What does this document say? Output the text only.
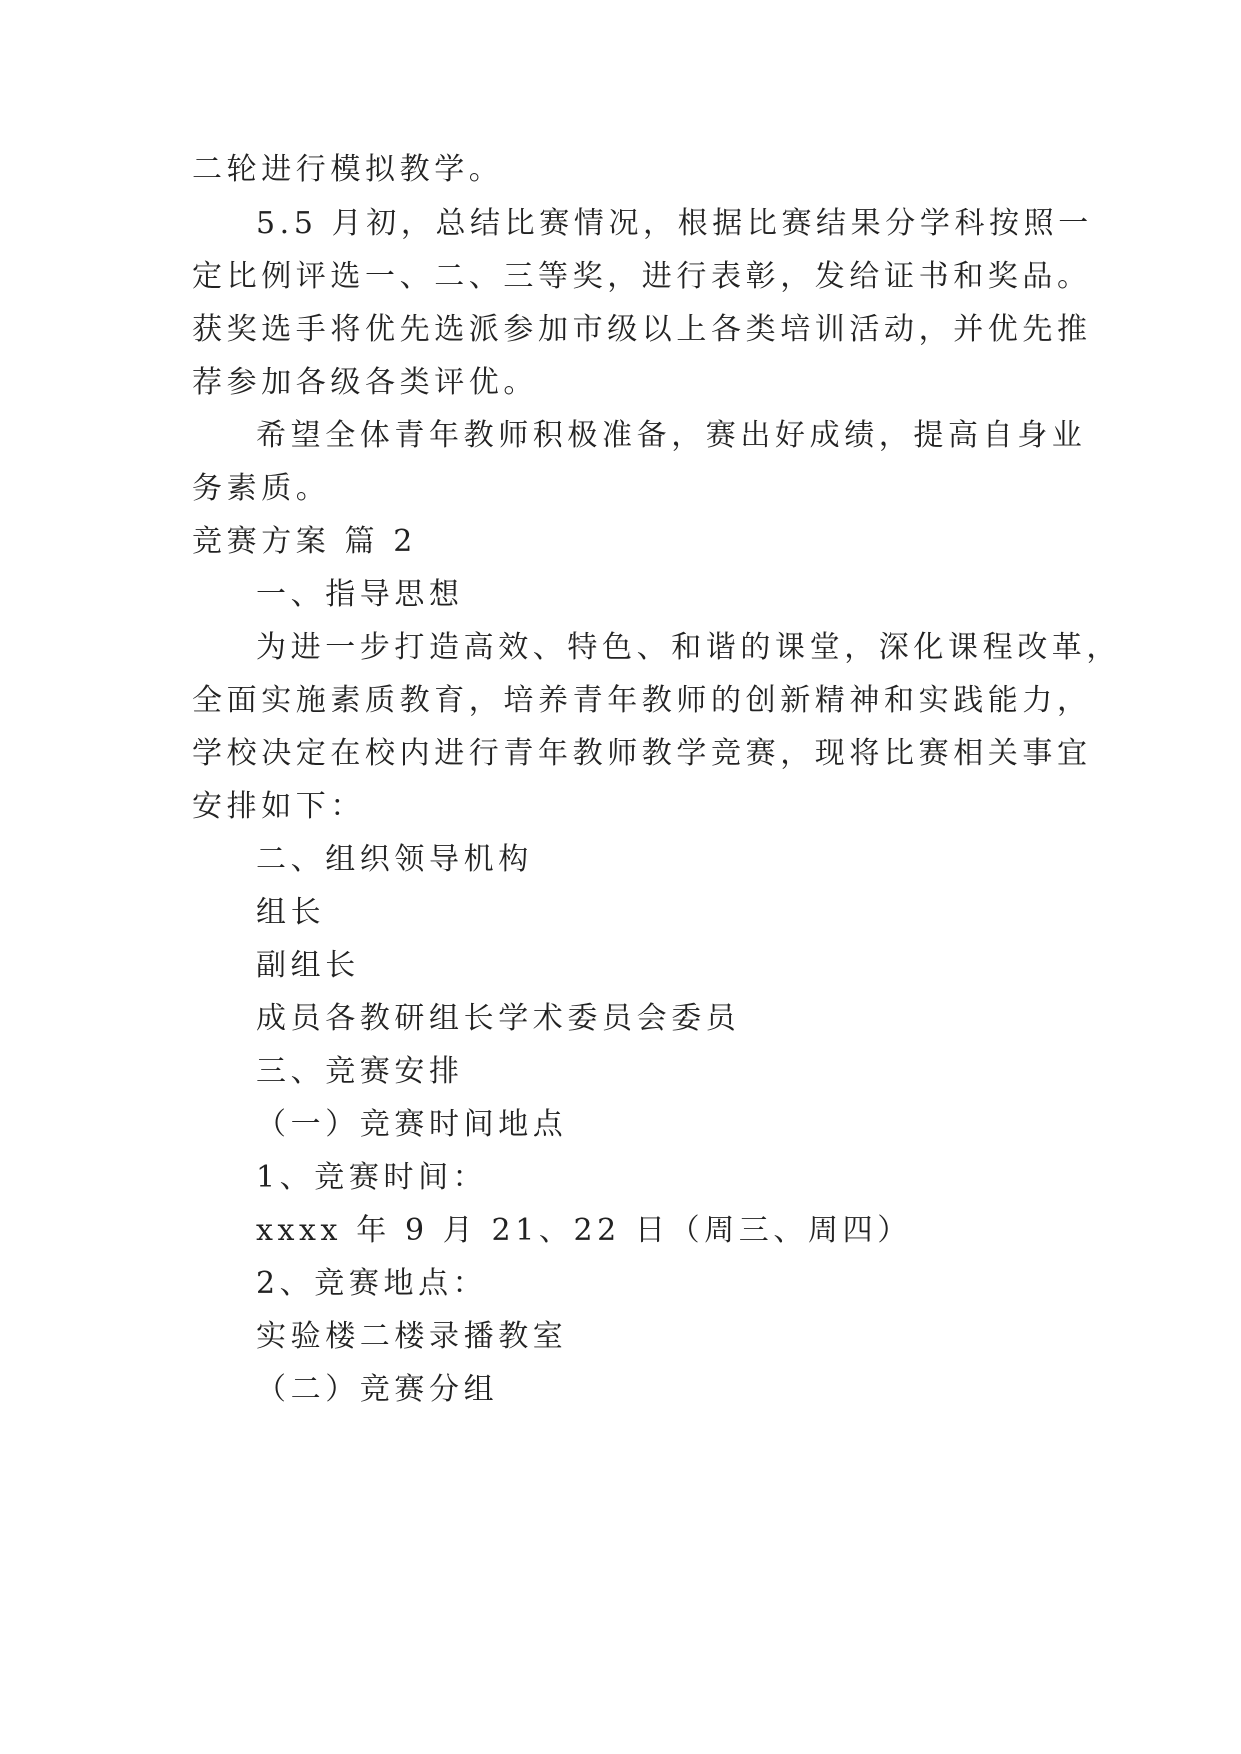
二轮进行模拟教学。
5.5 月初，总结比赛情况，根据比赛结果分学科按照一
定比例评选一、二、三等奖，进行表彰，发给证书和奖品。
获奖选手将优先选派参加市级以上各类培训活动，并优先推
荐参加各级各类评优。
希望全体青年教师积极准备，赛出好成绩，提高自身业
务素质。
竞赛方案 篇 2
一、指导思想
为进一步打造高效、特色、和谐的课堂，深化课程改革，
全面实施素质教育，培养青年教师的创新精神和实践能力，
学校决定在校内进行青年教师教学竞赛，现将比赛相关事宜
安排如下：
二、组织领导机构
组长
副组长
成员各教研组长学术委员会委员
三、竞赛安排
（一）竞赛时间地点
1、竞赛时间：
xxxx 年 9 月 21、22 日（周三、周四）
2、竞赛地点：
实验楼二楼录播教室
（二）竞赛分组
